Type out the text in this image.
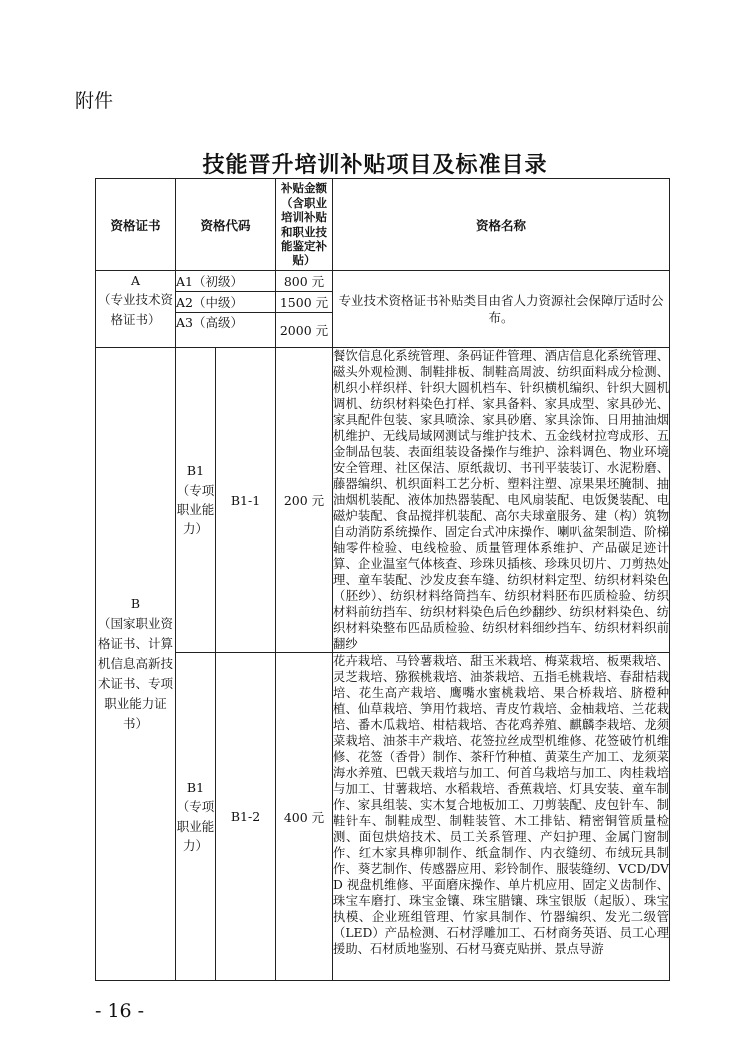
附件
技能晋升培训补贴项目及标准目录
资格证书	资格代码		补贴金额（含职业培训补贴和职业技能鉴定补贴）	资格名称

A
（专业技术资格证书）	A1（初级）		800 元	专业技术资格证书补贴类目由省人力资源社会保障厅适时公布。
	A2（中级）		1500 元	
	A3（高级）		2000 元	

B
（国家职业资格证书、计算机信息高新技术证书、专项职业能力证书）	B1（专项职业能力）	B1-1	200 元	餐饮信息化系统管理、条码证件管理、酒店信息化系统管理、磁头外观检测、制鞋排板、制鞋高周波、纺织面料成分检测、机织小样织样、针织大圆机档车、针织横机编织、针织大圆机调机、纺织材料染色打样、家具备料、家具成型、家具砂光、家具配件包装、家具喷涂、家具砂磨、家具涂饰、日用抽油烟机维护、无线局域网测试与维护技术、五金线材拉弯成形、五金制品包装、表面组装设备操作与维护、涂料调色、物业环境安全管理、社区保洁、原纸裁切、书刊平装装订、水泥粉磨、藤器编织、机织面料工艺分析、塑料注塑、凉果果坯腌制、抽油烟机装配、液体加热器装配、电风扇装配、电饭煲装配、电磁炉装配、食品搅拌机装配、高尔夫球童服务、建（构）筑物自动消防系统操作、固定台式冲床操作、喇叭盆架制造、阶梯轴零件检验、电线检验、质量管理体系维护、产品碳足迹计算、企业温室气体核查、珍珠贝插核、珍珠贝切片、刀剪热处理、童车装配、沙发皮套车缝、纺织材料定型、纺织材料染色（胚纱）、纺织材料络筒挡车、纺织材料胚布匹质检验、纺织材料前纺挡车、纺织材料染色后色纱翻纱、纺织材料染色、纺织材料染整布匹品质检验、纺织材料细纱挡车、纺织材料织前翻纱
	B1（专项职业能力）	B1-2	400 元	花卉栽培、马铃薯栽培、甜玉米栽培、梅菜栽培、板栗栽培、灵芝栽培、猕猴桃栽培、油茶栽培、五指毛桃栽培、春甜桔栽培、花生高产栽培、鹰嘴水蜜桃栽培、果合桥栽培、脐橙种植、仙草栽培、笋用竹栽培、青皮竹栽培、金柚栽培、兰花栽培、番木瓜栽培、柑桔栽培、杏花鸡养殖、麒麟李栽培、龙须菜栽培、油茶丰产栽培、花签拉丝成型机维修、花签破竹机维修、花签（香骨）制作、茶秆竹种植、黄菜生产加工、龙须菜海水养殖、巴戟天栽培与加工、何首乌栽培与加工、肉桂栽培与加工、甘薯栽培、水稻栽培、香蕉栽培、灯具安装、童车制作、家具组装、实木复合地板加工、刀剪装配、皮包针车、制鞋针车、制鞋成型、制鞋装管、木工排钻、精密铜管质量检测、面包烘焙技术、员工关系管理、产妇护理、金属门窗制作、红木家具榫卯制作、纸盒制作、内衣缝纫、布绒玩具制作、葵艺制作、传感器应用、彩铃制作、服装缝纫、VCD/DVD 视盘机维修、平面磨床操作、单片机应用、固定义齿制作、珠宝车磨打、珠宝金镶、珠宝腊镶、珠宝银版（起版）、珠宝执模、企业班组管理、竹家具制作、竹器编织、发光二级管（LED）产品检测、石材浮雕加工、石材商务英语、员工心理援助、石材质地鉴别、石材马赛克贴拼、景点导游
- 16 -
